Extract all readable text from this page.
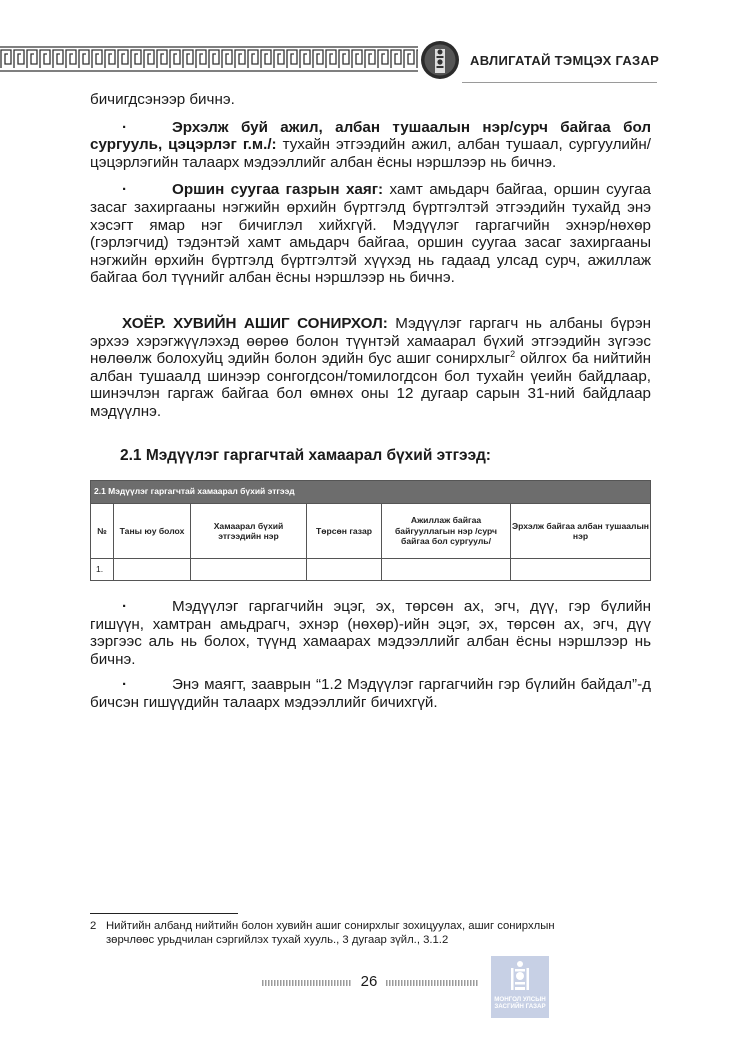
АВЛИГАТАЙ ТЭМЦЭХ ГАЗАР

бичигдсэнээр бичнэ.

·	Эрхэлж буй ажил, албан тушаалын нэр/сурч байгаа бол сургууль, цэцэрлэг г.м./: тухайн этгээдийн ажил, албан тушаал, сургуулийн/цэцэрлэгийн талаарх мэдээллийг албан ёсны нэршлээр нь бичнэ.

·	Оршин суугаа газрын хаяг: хамт амьдарч байгаа, оршин суугаа засаг захиргааны нэгжийн өрхийн бүртгэлд бүртгэлтэй этгээдийн тухайд энэ хэсэгт ямар нэг бичиглэл хийхгүй. Мэдүүлэг гаргагчийн эхнэр/нөхөр (гэрлэгчид) тэдэнтэй хамт амьдарч байгаа, оршин суугаа засаг захиргааны нэгжийн өрхийн бүртгэлд бүртгэлтэй хүүхэд нь гадаад улсад сурч, ажиллаж байгаа бол түүнийг албан ёсны нэршлээр нь бичнэ.

ХОЁР. ХУВИЙН АШИГ СОНИРХОЛ: Мэдүүлэг гаргагч нь албаны бүрэн эрхээ хэрэгжүүлэхэд өөрөө болон түүнтэй хамаарал бүхий этгээдийн зүгээс нөлөөлж болохуйц эдийн болон эдийн бус ашиг сонирхлыг$^2$ ойлгох ба нийтийн албан тушаалд шинээр сонгогдсон/томилогдсон бол тухайн үеийн байдлаар, шинэчлэн гаргаж байгаа бол өмнөх оны 12 дугаар сарын 31-ний байдлаар мэдүүлнэ.

2.1 Мэдүүлэг гаргагчтай хамаарал бүхий этгээд:

2.1 Мэдүүлэг гаргагчтай хамаарал бүхий этгээд					
№	Таны юу болох	Хамаарал бүхий этгээдийн нэр	Төрсөн газар	Ажиллаж байгаа байгууллагын нэр /сурч байгаа бол сургууль/	Эрхэлж байгаа албан тушаалын нэр
1.					

·	Мэдүүлэг гаргагчийн эцэг, эх, төрсөн ах, эгч, дүү, гэр бүлийн гишүүн, хамтран амьдрагч, эхнэр (нөхөр)-ийн эцэг, эх, төрсөн ах, эгч, дүү зэргээс аль нь болох, түүнд хамаарах мэдээллийг албан ёсны нэршлээр нь бичнэ.

·	Энэ маягт, зааврын “1.2 Мэдүүлэг гаргагчийн гэр бүлийн байдал”-д бичсэн гишүүдийн талаарх мэдээллийг бичихгүй.

2 Нийтийн албанд нийтийн болон хувийн ашиг сонирхлыг зохицуулах, ашиг сонирхлын
зөрчлөөс урьдчилан сэргийлэх тухай хууль., 3 дугаар зүйл., 3.1.2
26
МОНГОЛ УЛСЫН
ЗАСГИЙН ГАЗАР
